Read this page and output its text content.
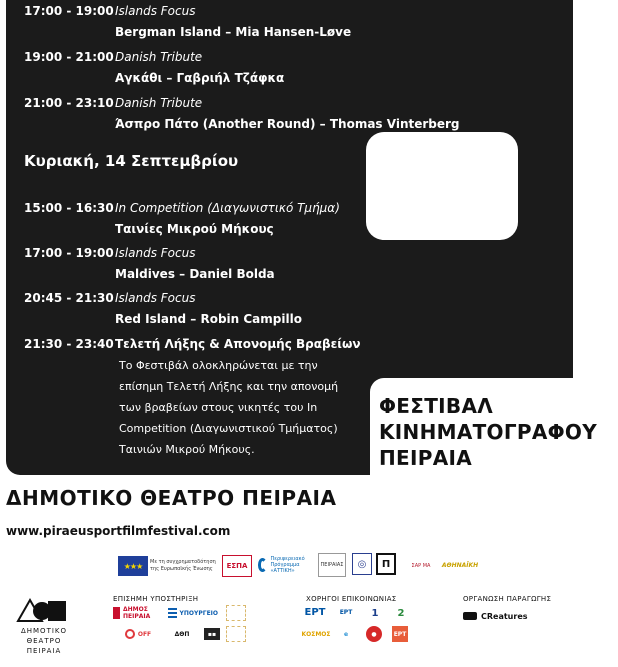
17:00 - 19:00 Islands Focus
Bergman Island – Mia Hansen-Løve
19:00 - 21:00 Danish Tribute
Αγκάθι – Γαβριήλ Τζάφκα
21:00 - 23:10 Danish Tribute
Άσπρο Πάτο (Another Round) – Thomas Vinterberg
Κυριακή, 14 Σεπτεμβρίου
15:00 - 16:30 In Competition (Διαγωνιστικό Τμήμα)
Ταινίες Μικρού Μήκους
17:00 - 19:00 Islands Focus
Maldives – Daniel Bolda
20:45 - 21:30 Islands Focus
Red Island – Robin Campillo
21:30 - 23:40 Τελετή Λήξης & Απονομής Βραβείων
Το Φεστιβάλ ολοκληρώνεται με την
επίσημη Τελετή Λήξης και την απονομή
των βραβείων στους νικητές του In
Competition (Διαγωνιστικού Τμήματος)
Ταινιών Μικρού Μήκους.
ΦΕΣΤΙΒΑΛ
ΚΙΝΗΜΑΤΟΓΡΑΦΟΥ
ΠΕΙΡΑΙΑ
ΔΗΜΟΤΙΚΟ ΘΕΑΤΡΟ ΠΕΙΡΑΙΑ
www.piraeusportfilmfestival.com
★★★ Με τη συγχρηματοδότηση της Ευρωπαϊκής Ένωσης	ΕΣΠΑ
Περιφερειακό Πρόγραμμα «ΑΤΤΙΚΗ»
ΠΕΙΡΑΙΑΣ	◎	Π	ΣΑΡ ΜΑ	ΑΘΗΝΑΪΚΗ
ΔΗΜΟΤΙΚΟ ΘΕΑΤΡΟ ΠΕΙΡΑΙΑ
ΕΠΙΣΗΜΗ ΥΠΟΣΤΗΡΙΞΗ	ΧΟΡΗΓΟΙ ΕΠΙΚΟΙΝΩΝΙΑΣ	ΟΡΓΑΝΩΣΗ ΠΑΡΑΓΩΓΗΣ
ΔΗΜΟΣ ΠΕΙΡΑΙΑ	ΥΠΟΥΡΓΕΙΟ
OFF	ΔΘΠ	▪▪
ΕΡΤ	ΕΡΤ	1	2
ΚΟΣΜΟΣ	e	●	ΕΡΤ
CReatures
